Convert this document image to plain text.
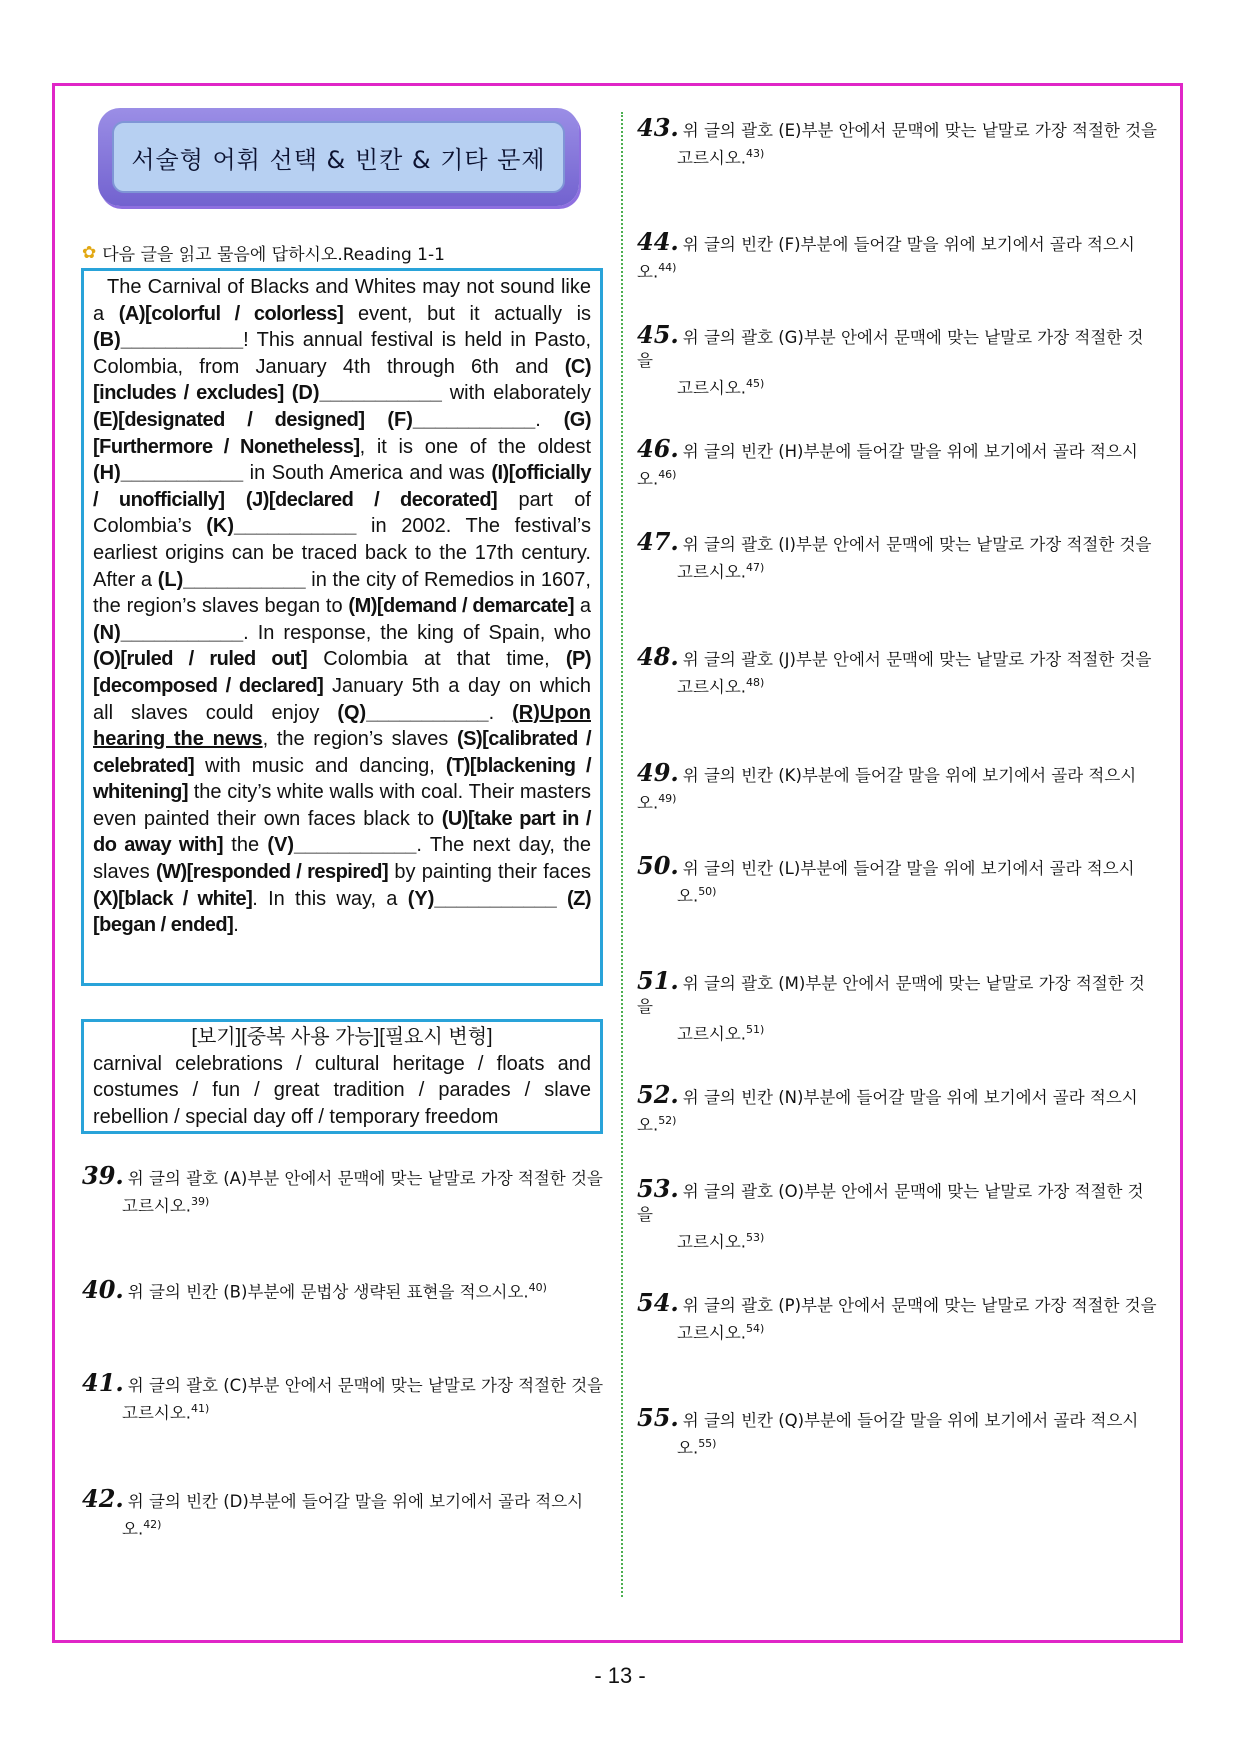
서술형 어휘 선택 & 빈칸 & 기타 문제
✿ 다음 글을 읽고 물음에 답하시오.Reading 1-1

The Carnival of Blacks and Whites may not sound like a (A)[colorful / colorless] event, but it actually is (B)___________! This annual festival is held in Pasto, Colombia, from January 4th through 6th and (C)[includes / excludes] (D)___________ with elaborately (E)[designated / designed] (F)___________. (G)[Furthermore / Nonetheless], it is one of the oldest (H)___________ in South America and was (I)[officially / unofficially] (J)[declared / decorated] part of Colombia’s (K)___________ in 2002. The festival’s earliest origins can be traced back to the 17th century. After a (L)___________ in the city of Remedios in 1607, the region’s slaves began to (M)[demand / demarcate] a (N)___________. In response, the king of Spain, who (O)[ruled / ruled out] Colombia at that time, (P)[decomposed / declared] January 5th a day on which all slaves could enjoy (Q)___________. (R)Upon hearing the news, the region’s slaves (S)[calibrated / celebrated] with music and dancing, (T)[blackening / whitening] the city’s white walls with coal. Their masters even painted their own faces black to (U)[take part in / do away with] the (V)___________. The next day, the slaves (W)[responded / respired] by painting their faces (X)[black / white]. In this way, a (Y)___________ (Z)[began / ended].

[보기][중복 사용 가능][필요시 변형]
carnival celebrations / cultural heritage / floats and costumes / fun / great tradition / parades / slave rebellion / special day off / temporary freedom
39. 위 글의 괄호 (A)부분 안에서 문맥에 맞는 낱말로 가장 적절한 것을
고르시오.$^{39)}$
40. 위 글의 빈칸 (B)부분에 문법상 생략된 표현을 적으시오.$^{40)}$
41. 위 글의 괄호 (C)부분 안에서 문맥에 맞는 낱말로 가장 적절한 것을
고르시오.$^{41)}$
42. 위 글의 빈칸 (D)부분에 들어갈 말을 위에 보기에서 골라 적으시
오.$^{42)}$
43. 위 글의 괄호 (E)부분 안에서 문맥에 맞는 낱말로 가장 적절한 것을
고르시오.$^{43)}$
44. 위 글의 빈칸 (F)부분에 들어갈 말을 위에 보기에서 골라 적으시오.$^{44)}$
45. 위 글의 괄호 (G)부분 안에서 문맥에 맞는 낱말로 가장 적절한 것을
고르시오.$^{45)}$
46. 위 글의 빈칸 (H)부분에 들어갈 말을 위에 보기에서 골라 적으시오.$^{46)}$
47. 위 글의 괄호 (I)부분 안에서 문맥에 맞는 낱말로 가장 적절한 것을
고르시오.$^{47)}$
48. 위 글의 괄호 (J)부분 안에서 문맥에 맞는 낱말로 가장 적절한 것을
고르시오.$^{48)}$
49. 위 글의 빈칸 (K)부분에 들어갈 말을 위에 보기에서 골라 적으시오.$^{49)}$
50. 위 글의 빈칸 (L)부분에 들어갈 말을 위에 보기에서 골라 적으시
오.$^{50)}$
51. 위 글의 괄호 (M)부분 안에서 문맥에 맞는 낱말로 가장 적절한 것을
고르시오.$^{51)}$
52. 위 글의 빈칸 (N)부분에 들어갈 말을 위에 보기에서 골라 적으시오.$^{52)}$
53. 위 글의 괄호 (O)부분 안에서 문맥에 맞는 낱말로 가장 적절한 것을
고르시오.$^{53)}$
54. 위 글의 괄호 (P)부분 안에서 문맥에 맞는 낱말로 가장 적절한 것을
고르시오.$^{54)}$
55. 위 글의 빈칸 (Q)부분에 들어갈 말을 위에 보기에서 골라 적으시
오.$^{55)}$
- 13 -
